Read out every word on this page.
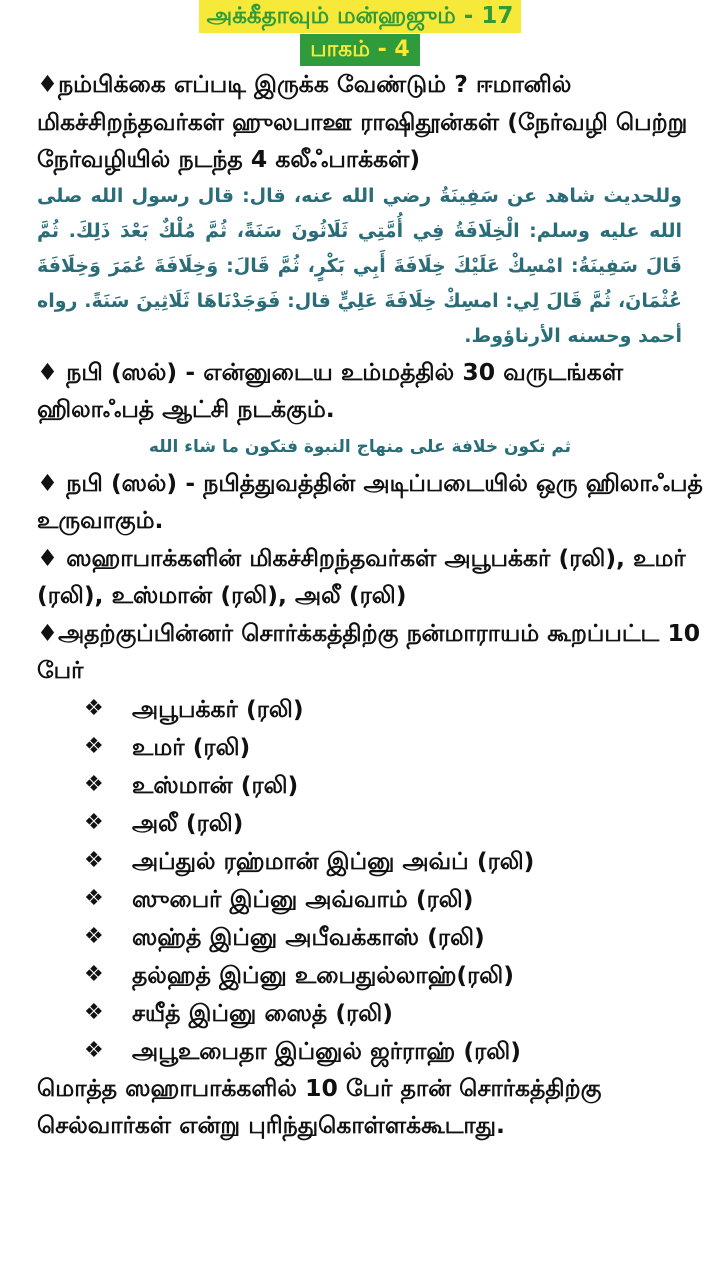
அக்கீதாவும் மன்ஹஜும் - 17
பாகம் - 4
♦நம்பிக்கை எப்படி இருக்க வேண்டும் ? ஈமானில் மிகச்சிறந்தவர்கள் ஹுலபாஊ ராஷிதூன்கள் (நேர்வழி பெற்று நேர்வழியில் நடந்த 4 கலீஃபாக்கள்)
وللحديث شاهد عن سَفِينَةُ رضي الله عنه، قال: قال رسول الله صلى الله عليه وسلم: الْخِلَافَةُ فِي أُمَّتِي ثَلَاثُونَ سَنَةً، ثُمَّ مُلْكٌ بَعْدَ ذَلِكَ. ثُمَّ قَالَ سَفِينَةُ: امْسِكْ عَلَيْكَ خِلَافَةَ أَبِي بَكْرٍ، ثُمَّ قَالَ: وَخِلَافَةَ عُمَرَ وَخِلَافَةَ عُثْمَانَ، ثُمَّ قَالَ لِي: امسِكْ خِلَافَةَ عَلِيٍّ قال: فَوَجَدْنَاهَا ثَلَاثِينَ سَنَةً. رواه أحمد وحسنه الأرناؤوط.
♦ நபி (ஸல்) - என்னுடைய உம்மத்தில் 30 வருடங்கள் ஹிலாஃபத் ஆட்சி நடக்கும்.
ثم تكون خلافة على منهاج النبوة فتكون ما شاء الله
♦ நபி (ஸல்) - நபித்துவத்தின் அடிப்படையில் ஒரு ஹிலாஃபத் உருவாகும்.
♦ ஸஹாபாக்களின் மிகச்சிறந்தவர்கள் அபூபக்கர் (ரலி), உமர் (ரலி), உஸ்மான் (ரலி), அலீ (ரலி)
♦அதற்குப்பின்னர் சொர்க்கத்திற்கு நன்மாராயம் கூறப்பட்ட 10 பேர்
❖	அபூபக்கர் (ரலி)
❖	உமர் (ரலி)
❖	உஸ்மான் (ரலி)
❖	அலீ (ரலி)
❖	அப்துல் ரஹ்மான் இப்னு அவ்ப் (ரலி)
❖	ஸுபைர் இப்னு அவ்வாம் (ரலி)
❖	ஸஹ்த் இப்னு அபீவக்காஸ் (ரலி)
❖	தல்ஹத் இப்னு உபைதுல்லாஹ்(ரலி)
❖	சயீத் இப்னு ஸைத் (ரலி)
❖	அபூஉபைதா இப்னுல் ஜர்ராஹ் (ரலி)
மொத்த ஸஹாபாக்களில் 10 பேர் தான் சொர்கத்திற்கு செல்வார்கள் என்று புரிந்துகொள்ளக்கூடாது.
